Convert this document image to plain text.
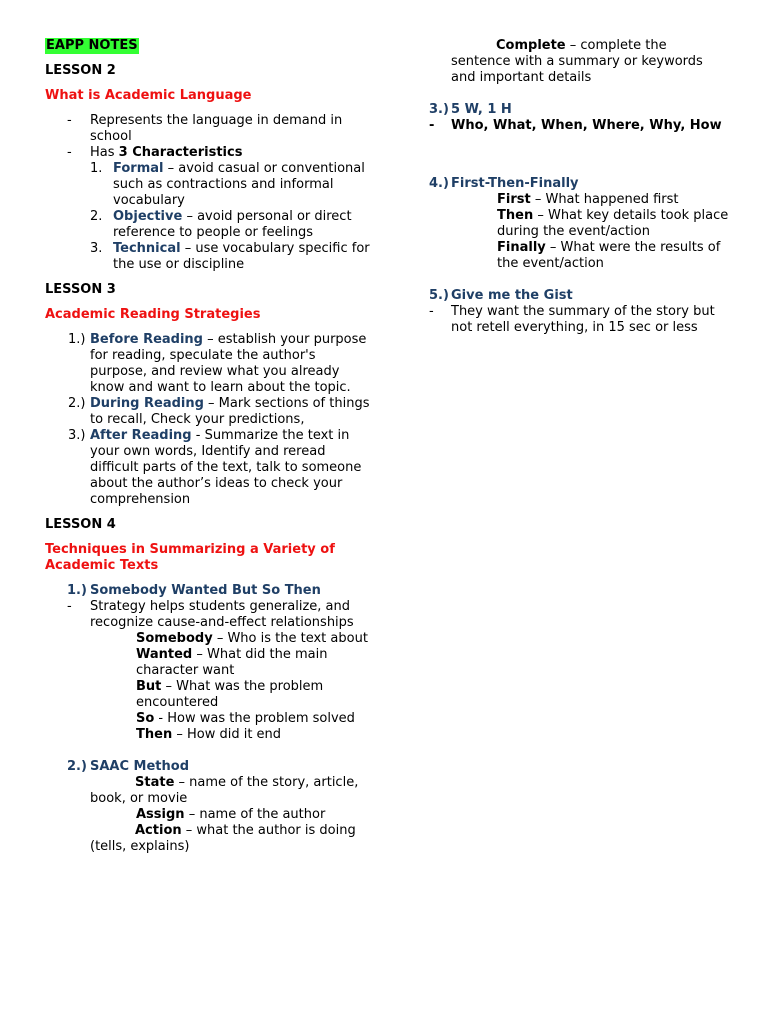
EAPP NOTES
LESSON 2
What is Academic Language
-	Represents the language in demand in school
-	Has 3 Characteristics
1. Formal – avoid casual or conventional such as contractions and informal vocabulary
2. Objective – avoid personal or direct reference to people or feelings
3. Technical – use vocabulary specific for the use or discipline
LESSON 3
Academic Reading Strategies
1.) Before Reading – establish your purpose for reading, speculate the author's purpose, and review what you already know and want to learn about the topic.
2.) During Reading – Mark sections of things to recall, Check your predictions,
3.) After Reading - Summarize the text in your own words, Identify and reread difficult parts of the text, talk to someone about the author’s ideas to check your comprehension
LESSON 4
Techniques in Summarizing a Variety of Academic Texts
1.) Somebody Wanted But So Then
-	Strategy helps students generalize, and recognize cause-and-effect relationships
Somebody – Who is the text about
Wanted – What did the main character want
But – What was the problem encountered
So - How was the problem solved
Then – How did it end
2.) SAAC Method
State – name of the story, article, book, or movie
Assign – name of the author
Action – what the author is doing (tells, explains)
Complete – complete the sentence with a summary or keywords and important details
3.) 5 W, 1 H
-	Who, What, When, Where, Why, How
4.) First-Then-Finally
First – What happened first
Then – What key details took place during the event/action
Finally – What were the results of the event/action
5.) Give me the Gist
-	They want the summary of the story but not retell everything, in 15 sec or less
